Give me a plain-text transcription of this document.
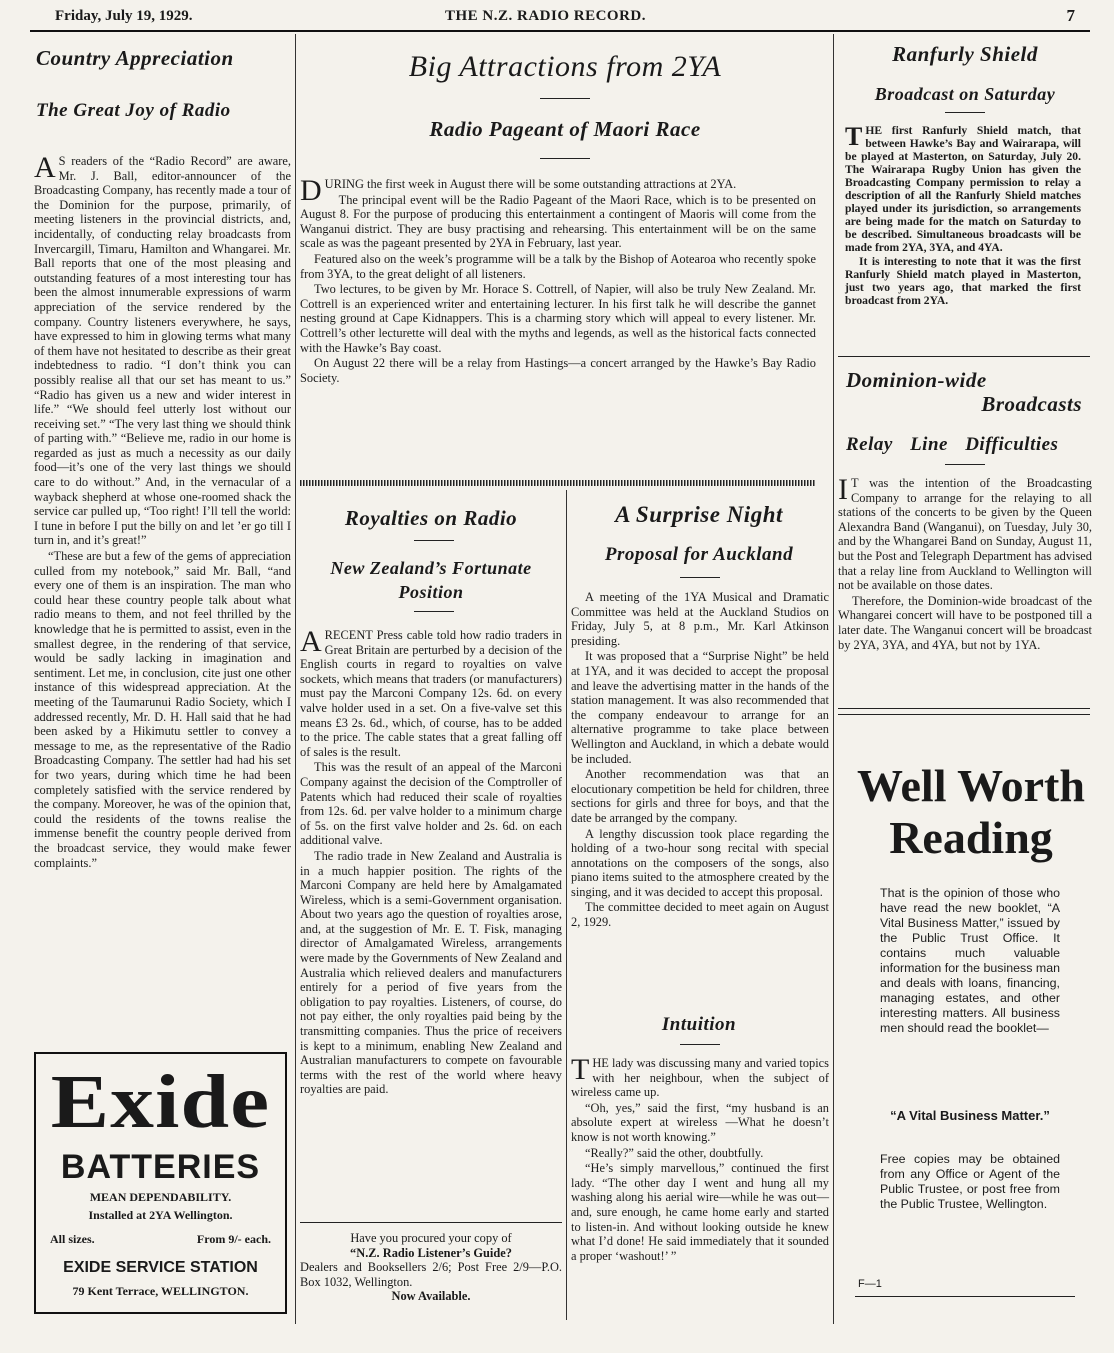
Friday, July 19, 1929.	THE N.Z. RADIO RECORD.	7
Country Appreciation
The Great Joy of Radio

A S readers of the “Radio Record” are aware, Mr. J. Ball, editor-announcer of the Broadcasting Company, has recently made a tour of the Dominion for the purpose, primarily, of meeting listeners in the provincial districts, and, incidentally, of conducting relay broadcasts from Invercargill, Timaru, Hamilton and Whangarei. Mr. Ball reports that one of the most pleasing and outstanding features of a most interesting tour has been the almost innumerable expressions of warm appreciation of the service rendered by the company. Country listeners everywhere, he says, have expressed to him in glowing terms what many of them have not hesitated to describe as their great indebtedness to radio. “I don’t think you can possibly realise all that our set has meant to us.” “Radio has given us a new and wider interest in life.” “We should feel utterly lost without our receiving set.” “The very last thing we should think of parting with.” “Believe me, radio in our home is regarded as just as much a necessity as our daily food—it’s one of the very last things we should care to do without.” And, in the vernacular of a wayback shepherd at whose one-roomed shack the service car pulled up, “Too right! I’ll tell the world: I tune in before I put the billy on and let ’er go till I turn in, and it’s great!”

“These are but a few of the gems of appreciation culled from my notebook,” said Mr. Ball, “and every one of them is an inspiration. The man who could hear these country people talk about what radio means to them, and not feel thrilled by the knowledge that he is permitted to assist, even in the smallest degree, in the rendering of that service, would be sadly lacking in imagination and sentiment. Let me, in conclusion, cite just one other instance of this widespread appreciation. At the meeting of the Taumarunui Radio Society, which I addressed recently, Mr. D. H. Hall said that he had been asked by a Hikimutu settler to convey a message to me, as the representative of the Radio Broadcasting Company. The settler had had his set for two years, during which time he had been completely satisfied with the service rendered by the company. Moreover, he was of the opinion that, could the residents of the towns realise the immense benefit the country people derived from the broadcast service, they would make fewer complaints.”

Exide
BATTERIES
MEAN DEPENDABILITY.
Installed at 2YA Wellington.
All sizes.	From 9/- each.
EXIDE SERVICE STATION
79 Kent Terrace, WELLINGTON.
Big Attractions from 2YA
Radio Pageant of Maori Race

DURING the first week in August there will be some outstanding attractions at 2YA.

The principal event will be the Radio Pageant of the Maori Race, which is to be presented on August 8. For the purpose of producing this entertainment a contingent of Maoris will come from the Wanganui district. They are busy practising and rehearsing. This entertainment will be on the same scale as was the pageant presented by 2YA in February, last year.

Featured also on the week’s programme will be a talk by the Bishop of Aotearoa who recently spoke from 3YA, to the great delight of all listeners.

Two lectures, to be given by Mr. Horace S. Cottrell, of Napier, will also be truly New Zealand. Mr. Cottrell is an experienced writer and entertaining lecturer. In his first talk he will describe the gannet nesting ground at Cape Kidnappers. This is a charming story which will appeal to every listener. Mr. Cottrell’s other lecturette will deal with the myths and legends, as well as the historical facts connected with the Hawke’s Bay coast.

On August 22 there will be a relay from Hastings—a concert arranged by the Hawke’s Bay Radio Society.

Royalties on Radio
New Zealand’s Fortunate Position

ARECENT Press cable told how radio traders in Great Britain are perturbed by a decision of the English courts in regard to royalties on valve sockets, which means that traders (or manufacturers) must pay the Marconi Company 12s. 6d. on every valve holder used in a set. On a five-valve set this means £3 2s. 6d., which, of course, has to be added to the price. The cable states that a great falling off of sales is the result.

This was the result of an appeal of the Marconi Company against the decision of the Comptroller of Patents which had reduced their scale of royalties from 12s. 6d. per valve holder to a minimum charge of 5s. on the first valve holder and 2s. 6d. on each additional valve.

The radio trade in New Zealand and Australia is in a much happier position. The rights of the Marconi Company are held here by Amalgamated Wireless, which is a semi-Government organisation. About two years ago the question of royalties arose, and, at the suggestion of Mr. E. T. Fisk, managing director of Amalgamated Wireless, arrangements were made by the Governments of New Zealand and Australia which relieved dealers and manufacturers entirely for a period of five years from the obligation to pay royalties. Listeners, of course, do not pay either, the only royalties paid being by the transmitting companies. Thus the price of receivers is kept to a minimum, enabling New Zealand and Australian manufacturers to compete on favourable terms with the rest of the world where heavy royalties are paid.

Have you procured your copy of
“N.Z. Radio Listener’s Guide?
Dealers and Booksellers 2/6; Post Free 2/9—P.O. Box 1032, Wellington.
Now Available.
A Surprise Night
Proposal for Auckland

A meeting of the 1YA Musical and Dramatic Committee was held at the Auckland Studios on Friday, July 5, at 8 p.m., Mr. Karl Atkinson presiding.

It was proposed that a “Surprise Night” be held at 1YA, and it was decided to accept the proposal and leave the advertising matter in the hands of the station management. It was also recommended that the company endeavour to arrange for an alternative programme to take place between Wellington and Auckland, in which a debate would be included.

Another recommendation was that an elocutionary competition be held for children, three sections for girls and three for boys, and that the date be arranged by the company.

A lengthy discussion took place regarding the holding of a two-hour song recital with special annotations on the composers of the songs, also piano items suited to the atmosphere created by the singing, and it was decided to accept this proposal.

The committee decided to meet again on August 2, 1929.

Intuition

THE lady was discussing many and varied topics with her neighbour, when the subject of wireless came up.

“Oh, yes,” said the first, “my husband is an absolute expert at wireless —What he doesn’t know is not worth knowing.”

“Really?” said the other, doubtfully.

“He’s simply marvellous,” continued the first lady. “The other day I went and hung all my washing along his aerial wire—while he was out—and, sure enough, he came home early and started to listen-in. And without looking outside he knew what I’d done! He said immediately that it sounded a proper ‘washout!’ ”

Ranfurly Shield
Broadcast on Saturday

THE first Ranfurly Shield match, that between Hawke’s Bay and Wairarapa, will be played at Masterton, on Saturday, July 20. The Wairarapa Rugby Union has given the Broadcasting Company permission to relay a description of all the Ranfurly Shield matches played under its jurisdiction, so arrangements are being made for the match on Saturday to be described. Simultaneous broadcasts will be made from 2YA, 3YA, and 4YA.

It is interesting to note that it was the first Ranfurly Shield match played in Masterton, just two years ago, that marked the first broadcast from 2YA.

Dominion-wide
Broadcasts
Relay Line Difficulties

I T was the intention of the Broadcasting Company to arrange for the relaying to all stations of the concerts to be given by the Queen Alexandra Band (Wanganui), on Tuesday, July 30, and by the Whangarei Band on Sunday, August 11, but the Post and Telegraph Department has advised that a relay line from Auckland to Wellington will not be available on those dates.

Therefore, the Dominion-wide broadcast of the Whangarei concert will have to be postponed till a later date. The Wanganui concert will be broadcast by 2YA, 3YA, and 4YA, but not by 1YA.

Well Worth
Reading
That is the opinion of those who have read the new booklet, “A Vital Business Matter,” issued by the Public Trust Office. It contains much valuable information for the business man and deals with loans, financing, managing estates, and other interesting matters. All business men should read the booklet—
“A Vital Business Matter.”
Free copies may be obtained from any Office or Agent of the Public Trustee, or post free from the Public Trustee, Wellington.
F—1
